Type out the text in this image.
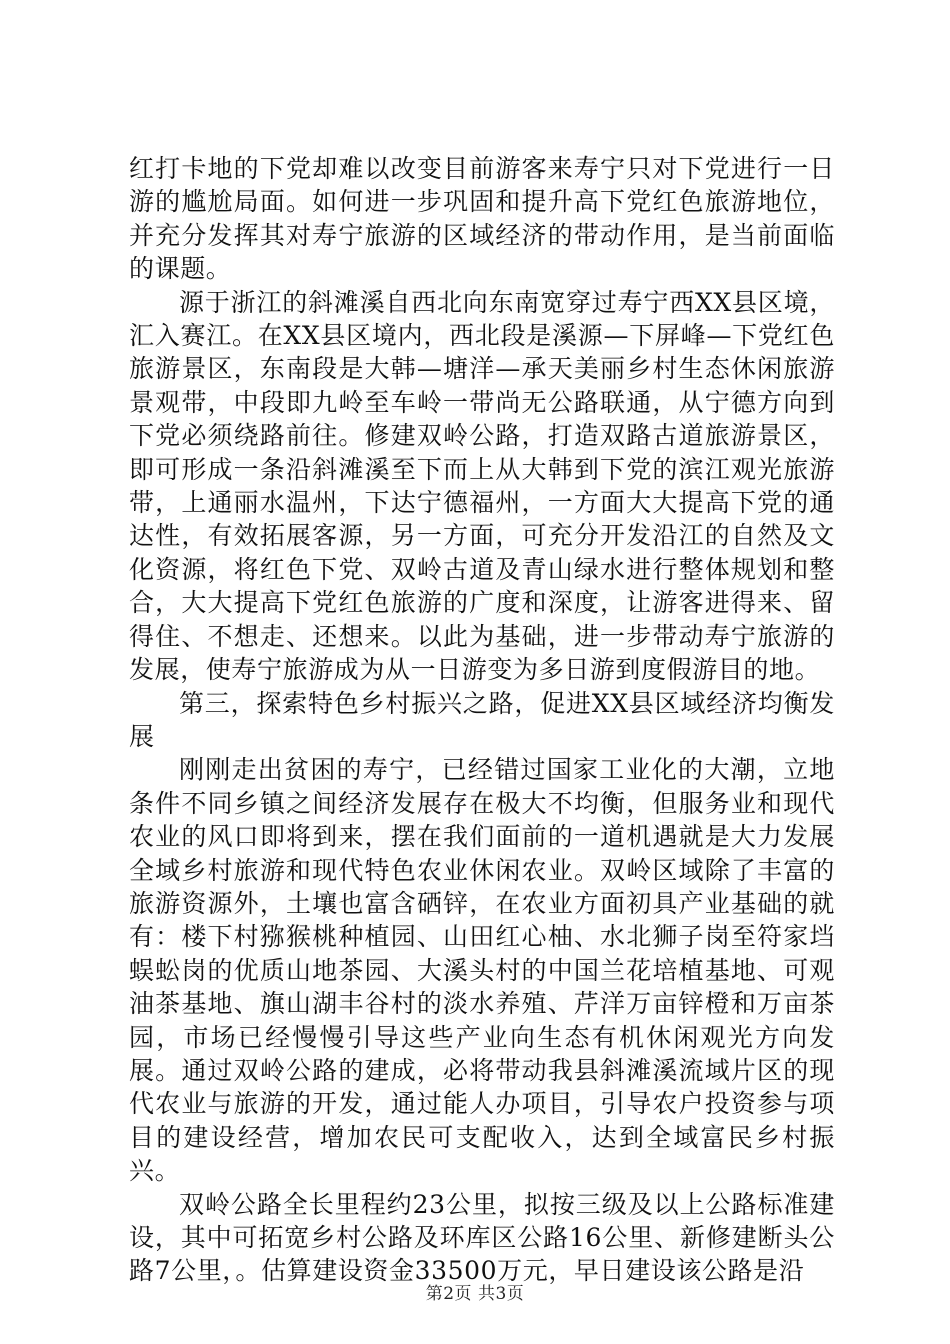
红打卡地的下党却难以改变目前游客来寿宁只对下党进行一日游的尴尬局面。如何进一步巩固和提升高下党红色旅游地位，并充分发挥其对寿宁旅游的区域经济的带动作用，是当前面临的课题。

源于浙江的斜滩溪自西北向东南宽穿过寿宁西XX县区境，汇入赛江。在XX县区境内，西北段是溪源—下屏峰—下党红色旅游景区，东南段是大韩—塘洋—承天美丽乡村生态休闲旅游景观带，中段即九岭至车岭一带尚无公路联通，从宁德方向到下党必须绕路前往。修建双岭公路，打造双路古道旅游景区，即可形成一条沿斜滩溪至下而上从大韩到下党的滨江观光旅游带，上通丽水温州，下达宁德福州，一方面大大提高下党的通达性，有效拓展客源，另一方面，可充分开发沿江的自然及文化资源，将红色下党、双岭古道及青山绿水进行整体规划和整合，大大提高下党红色旅游的广度和深度，让游客进得来、留得住、不想走、还想来。以此为基础，进一步带动寿宁旅游的发展，使寿宁旅游成为从一日游变为多日游到度假游目的地。

第三，探索特色乡村振兴之路，促进XX县区域经济均衡发展

刚刚走出贫困的寿宁，已经错过国家工业化的大潮，立地条件不同乡镇之间经济发展存在极大不均衡，但服务业和现代农业的风口即将到来，摆在我们面前的一道机遇就是大力发展全域乡村旅游和现代特色农业休闲农业。双岭区域除了丰富的旅游资源外，土壤也富含硒锌，在农业方面初具产业基础的就有：楼下村猕猴桃种植园、山田红心柚、水北狮子岗至符家垱蜈蚣岗的优质山地茶园、大溪头村的中国兰花培植基地、可观油茶基地、旗山湖丰谷村的淡水养殖、芹洋万亩锌橙和万亩茶园，市场已经慢慢引导这些产业向生态有机休闲观光方向发展。通过双岭公路的建成，必将带动我县斜滩溪流域片区的现代农业与旅游的开发，通过能人办项目，引导农户投资参与项目的建设经营，增加农民可支配收入，达到全域富民乡村振兴。

双岭公路全长里程约23公里，拟按三级及以上公路标准建设，其中可拓宽乡村公路及环库区公路16公里、新修建断头公路7公里，。估算建设资金33500万元，早日建设该公路是沿

第2页 共3页
